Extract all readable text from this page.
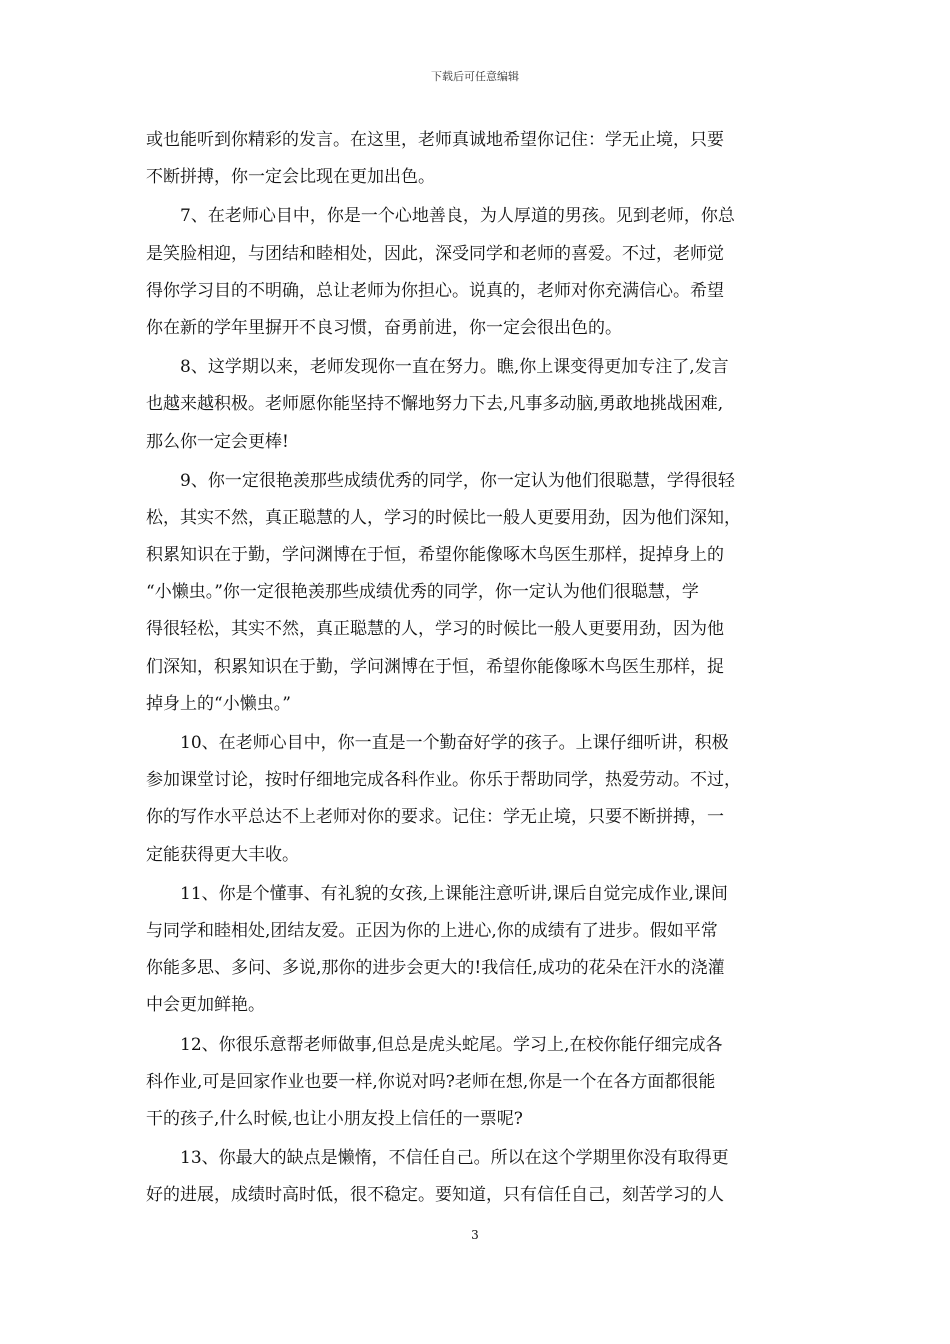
下载后可任意编辑
或也能听到你精彩的发言。在这里，老师真诚地希望你记住：学无止境，只要
不断拼搏，你一定会比现在更加出色。
7、在老师心目中，你是一个心地善良，为人厚道的男孩。见到老师，你总
是笑脸相迎，与团结和睦相处，因此，深受同学和老师的喜爱。不过，老师觉
得你学习目的不明确，总让老师为你担心。说真的，老师对你充满信心。希望
你在新的学年里摒开不良习惯，奋勇前进，你一定会很出色的。
8、这学期以来，老师发现你一直在努力。瞧,你上课变得更加专注了,发言
也越来越积极。老师愿你能坚持不懈地努力下去,凡事多动脑,勇敢地挑战困难,
那么你一定会更棒!
9、你一定很艳羡那些成绩优秀的同学，你一定认为他们很聪慧，学得很轻
松，其实不然，真正聪慧的人，学习的时候比一般人更要用劲，因为他们深知，
积累知识在于勤，学问渊博在于恒，希望你能像啄木鸟医生那样，捉掉身上的
“小懒虫。”你一定很艳羡那些成绩优秀的同学，你一定认为他们很聪慧，学
得很轻松，其实不然，真正聪慧的人，学习的时候比一般人更要用劲，因为他
们深知，积累知识在于勤，学问渊博在于恒，希望你能像啄木鸟医生那样，捉
掉身上的“小懒虫。”
10、在老师心目中，你一直是一个勤奋好学的孩子。上课仔细听讲，积极
参加课堂讨论，按时仔细地完成各科作业。你乐于帮助同学，热爱劳动。不过，
你的写作水平总达不上老师对你的要求。记住：学无止境，只要不断拼搏，一
定能获得更大丰收。
11、你是个懂事、有礼貌的女孩,上课能注意听讲,课后自觉完成作业,课间
与同学和睦相处,团结友爱。正因为你的上进心,你的成绩有了进步。假如平常
你能多思、多问、多说,那你的进步会更大的!我信任,成功的花朵在汗水的浇灌
中会更加鲜艳。
12、你很乐意帮老师做事,但总是虎头蛇尾。学习上,在校你能仔细完成各
科作业,可是回家作业也要一样,你说对吗?老师在想,你是一个在各方面都很能
干的孩子,什么时候,也让小朋友投上信任的一票呢?
13、你最大的缺点是懒惰，不信任自己。所以在这个学期里你没有取得更
好的进展，成绩时高时低，很不稳定。要知道，只有信任自己，刻苦学习的人
3
